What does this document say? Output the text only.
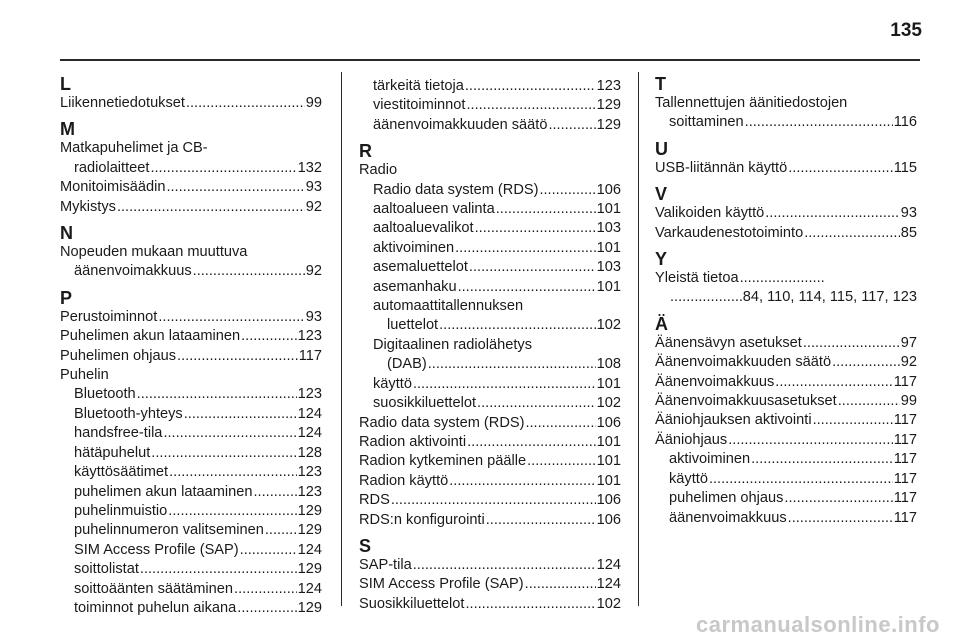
135
L
Liikennetiedotukset .....	99
M
Matkapuhelimet ja CB-
radiolaitteet .....	132
Monitoimisäädin .....	93
Mykistys .....	92
N
Nopeuden mukaan muuttuva
äänenvoimakkuus .....	92
P
Perustoiminnot .....	93
Puhelimen akun lataaminen .....	123
Puhelimen ohjaus .....	117
Puhelin
Bluetooth .....	123
Bluetooth-yhteys .....	124
handsfree-tila .....	124
hätäpuhelut .....	128
käyttösäätimet .....	123
puhelimen akun lataaminen .....	123
puhelinmuistio .....	129
puhelinnumeron valitseminen ..... 129
SIM Access Profile (SAP) .....	124
soittolistat .....	129
soittoäänten säätäminen .....	124
toiminnot puhelun aikana .....	129
tärkeitä tietoja .....	123
viestitoiminnot .....	129
äänenvoimakkuuden säätö .....	129
R
Radio
Radio data system (RDS) .....	106
aaltoalueen valinta .....	101
aaltoaluevalikot .....	103
aktivoiminen .....	101
asemaluettelot .....	103
asemanhaku .....	101
automaattitallennuksen
luettelot .....	102
Digitaalinen radiolähetys
(DAB) .....	108
käyttö .....	101
suosikkiluettelot .....	102
Radio data system (RDS) .....	106
Radion aktivointi .....	101
Radion kytkeminen päälle .....	101
Radion käyttö .....	101
RDS .....	106
RDS:n konfigurointi .....	106
S
SAP-tila .....	124
SIM Access Profile (SAP) .....	124
Suosikkiluettelot .....	102
T
Tallennettujen äänitiedostojen
soittaminen .....	116
U
USB-liitännän käyttö .....	115
V
Valikoiden käyttö .....	93
Varkaudenestotoiminto .....	85
Y
Yleistä tietoa
.....
.....
84, 110, 114, 115, 117, 123
Ä
Äänensävyn asetukset .....	97
Äänenvoimakkuuden säätö .....	92
Äänenvoimakkuus .....	117
Äänenvoimakkuusasetukset .....	99
Ääniohjauksen aktivointi .....	117
Ääniohjaus .....	117
aktivoiminen .....	117
käyttö .....	117
puhelimen ohjaus .....	117
äänenvoimakkuus .....	117
carmanualsonline.info
